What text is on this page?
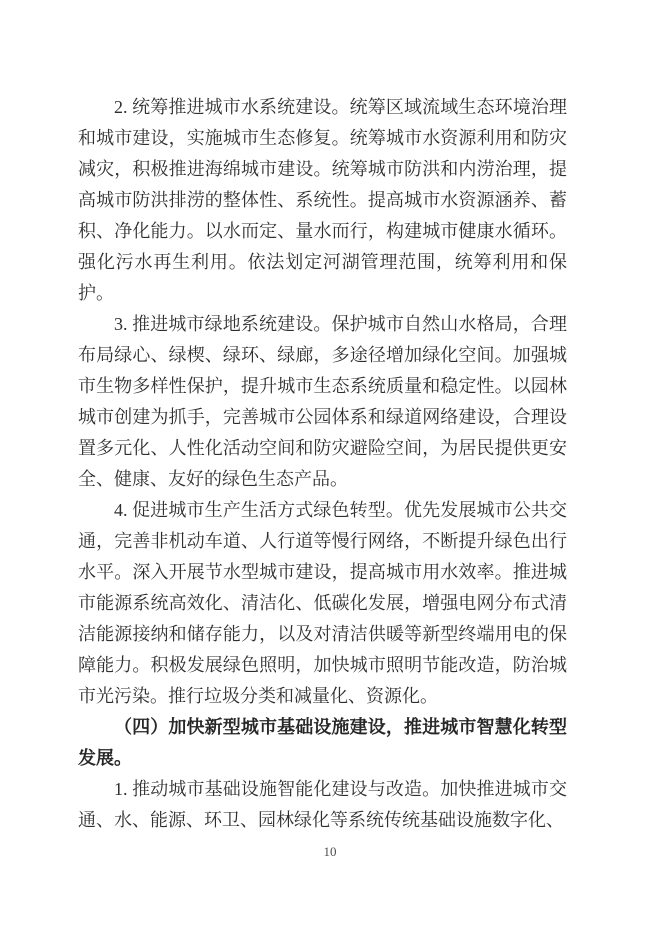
2. 统筹推进城市水系统建设。统筹区域流域生态环境治理和城市建设，实施城市生态修复。统筹城市水资源利用和防灾减灾，积极推进海绵城市建设。统筹城市防洪和内涝治理，提高城市防洪排涝的整体性、系统性。提高城市水资源涵养、蓄积、净化能力。以水而定、量水而行，构建城市健康水循环。强化污水再生利用。依法划定河湖管理范围，统筹利用和保护。

3. 推进城市绿地系统建设。保护城市自然山水格局，合理布局绿心、绿楔、绿环、绿廊，多途径增加绿化空间。加强城市生物多样性保护，提升城市生态系统质量和稳定性。以园林城市创建为抓手，完善城市公园体系和绿道网络建设，合理设置多元化、人性化活动空间和防灾避险空间，为居民提供更安全、健康、友好的绿色生态产品。

4. 促进城市生产生活方式绿色转型。优先发展城市公共交通，完善非机动车道、人行道等慢行网络，不断提升绿色出行水平。深入开展节水型城市建设，提高城市用水效率。推进城市能源系统高效化、清洁化、低碳化发展，增强电网分布式清洁能源接纳和储存能力，以及对清洁供暖等新型终端用电的保障能力。积极发展绿色照明，加快城市照明节能改造，防治城市光污染。推行垃圾分类和减量化、资源化。

（四）加快新型城市基础设施建设，推进城市智慧化转型发展。

1. 推动城市基础设施智能化建设与改造。加快推进城市交通、水、能源、环卫、园林绿化等系统传统基础设施数字化、

10
